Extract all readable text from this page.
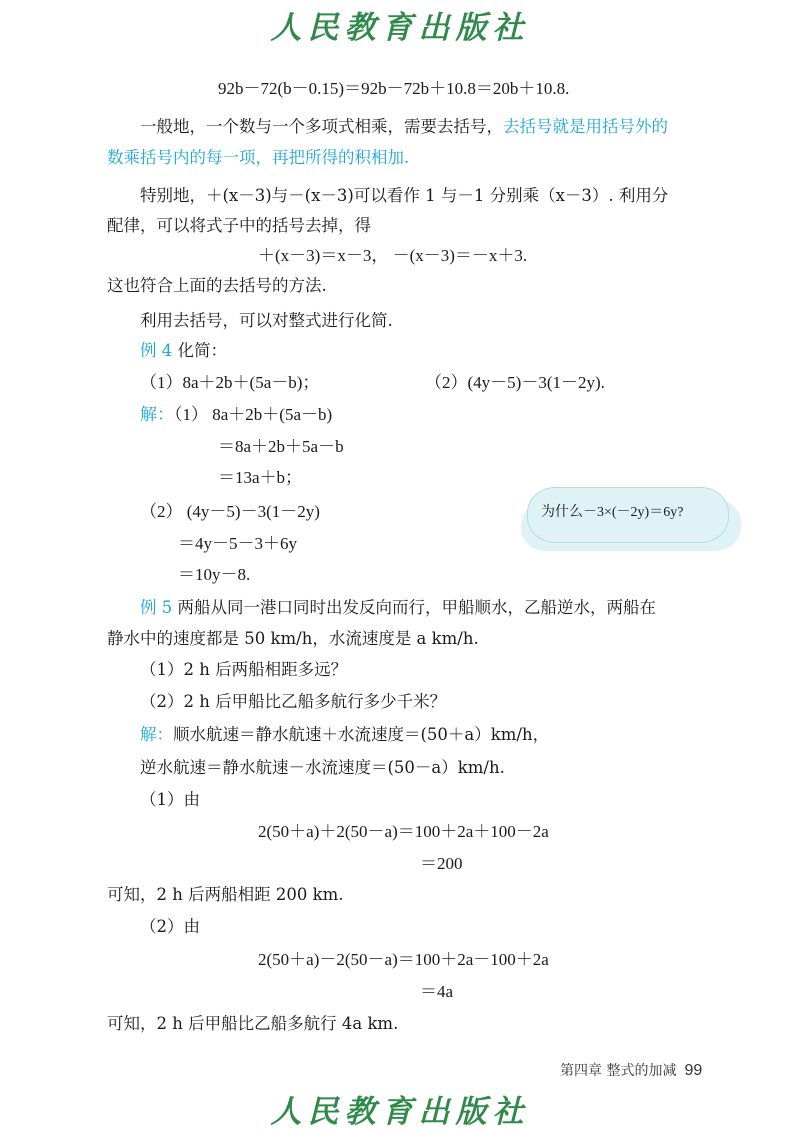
人民教育出版社
92b－72(b－0.15)＝92b－72b＋10.8＝20b＋10.8.
一般地，一个数与一个多项式相乘，需要去括号，去括号就是用括号外的
数乘括号内的每一项，再把所得的积相加.
特别地，＋(x－3)与－(x－3)可以看作 1 与－1 分别乘（x－3）. 利用分
配律，可以将式子中的括号去掉，得
＋(x－3)＝x－3， －(x－3)＝－x＋3.
这也符合上面的去括号的方法.
利用去括号，可以对整式进行化简.
例 4 化简：
（1）8a＋2b＋(5a－b)；	（2）(4y－5)－3(1－2y).
解：（1） 8a＋2b＋(5a－b)
＝8a＋2b＋5a－b
＝13a＋b；
（2） (4y－5)－3(1－2y)
＝4y－5－3＋6y
＝10y－8.
为什么－3×(－2y)＝6y?
例 5 两船从同一港口同时出发反向而行，甲船顺水，乙船逆水，两船在
静水中的速度都是 50 km/h，水流速度是 a km/h.
（1）2 h 后两船相距多远？
（2）2 h 后甲船比乙船多航行多少千米？
解：顺水航速＝静水航速＋水流速度＝(50＋a）km/h，
逆水航速＝静水航速－水流速度＝(50－a）km/h.
（1）由
2(50＋a)＋2(50－a)＝100＋2a＋100－2a
＝200
可知，2 h 后两船相距 200 km.
（2）由
2(50＋a)－2(50－a)＝100＋2a－100＋2a
＝4a
可知，2 h 后甲船比乙船多航行 4a km.
第四章 整式的加减 99
人民教育出版社
